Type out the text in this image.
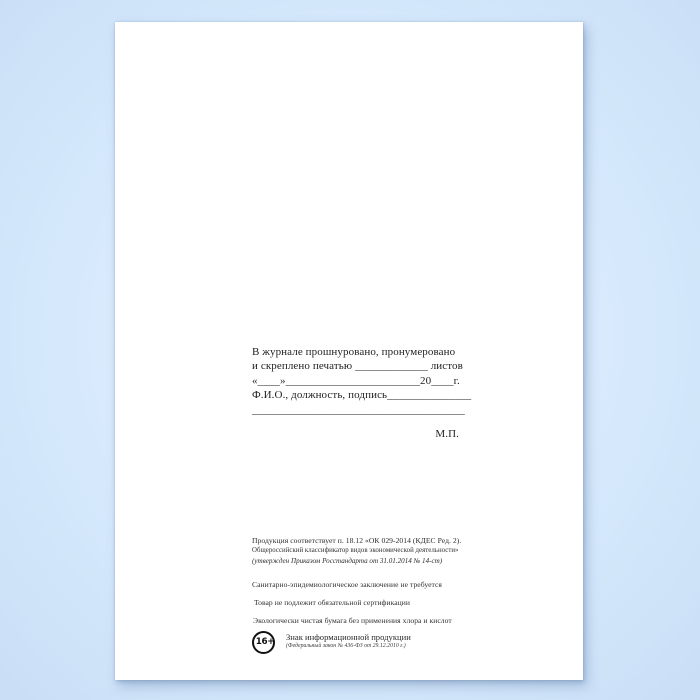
В журнале прошнуровано, пронумеровано
и скреплено печатью _____________ листов
«____»________________________20____г.
Ф.И.О., должность, подпись_______________
______________________________________
М.П.
Продукция соответствует п. 18.12 «ОК 029-2014 (КДЕС Ред. 2).
Общероссийский классификатор видов экономической деятельности»
(утвержден Приказом Росстандарта от 31.01.2014 № 14-ст)
Санитарно-эпидемиологическое заключение не требуется
Товар не подлежит обязательной сертификации
Экологически чистая бумага без применения хлора и кислот
16+
Знак информационной продукции
(Федеральный закон № 436-ФЗ от 29.12.2010 г.)
